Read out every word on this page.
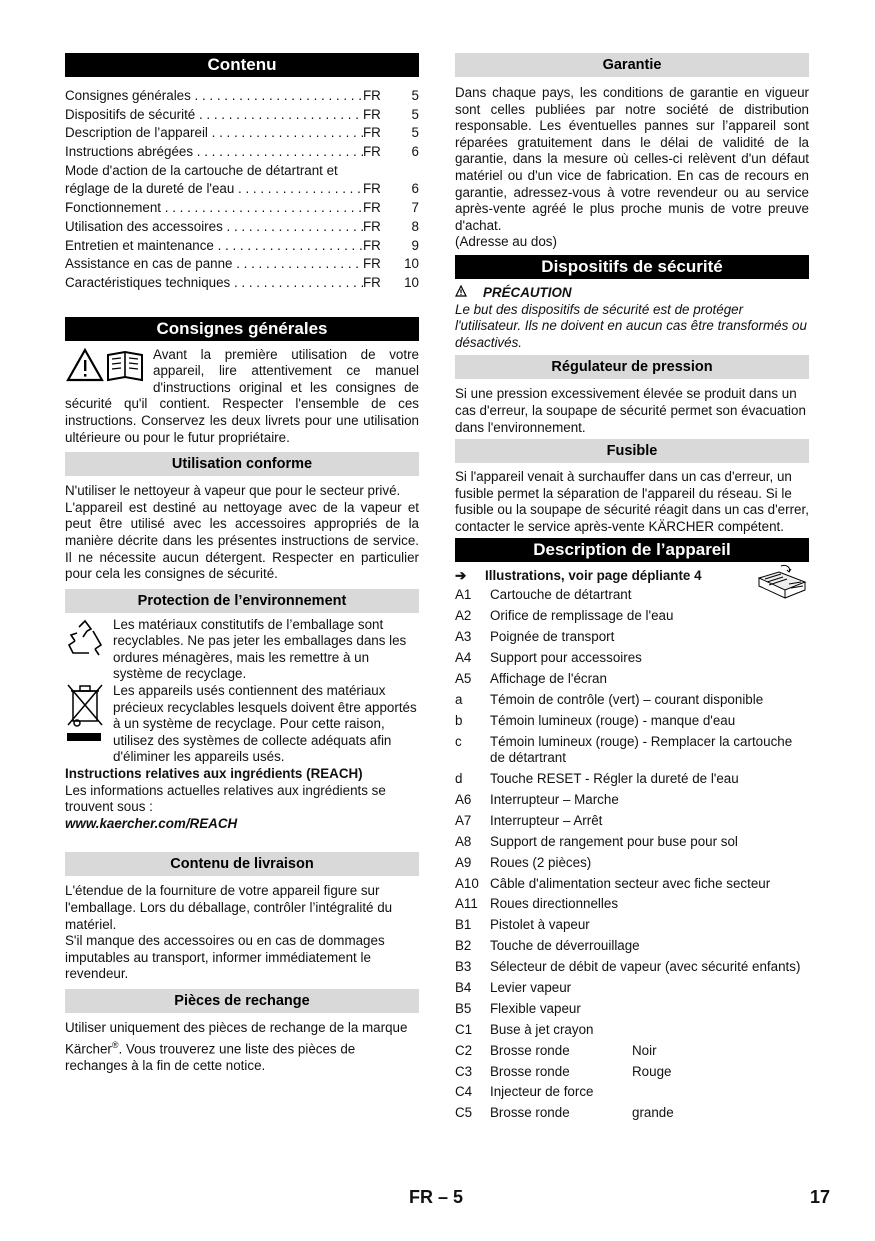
Contenu
Consignes générales . . .	FR	5
Dispositifs de sécurité . . .	FR	5
Description de l’appareil . . .	FR	5
Instructions abrégées . . .	FR	6
Mode d'action de la cartouche de détartrant et
réglage de la dureté de l'eau . . .	FR	6
Fonctionnement . . .	FR	7
Utilisation des accessoires . . .	FR	8
Entretien et maintenance . . .	FR	9
Assistance en cas de panne . . .	FR	10
Caractéristiques techniques . . .	FR	10
Consignes générales

Avant la première utilisation de votre appareil, lire attentivement ce manuel d'instructions original et les consignes de sécurité qu'il contient. Respecter l'ensemble de ces instructions. Conservez les deux livrets pour une utilisation ultérieure ou pour le futur propriétaire.

Utilisation conforme

N'utiliser le nettoyeur à vapeur que pour le secteur privé.

L'appareil est destiné au nettoyage avec de la vapeur et peut être utilisé avec les accessoires appropriés de la manière décrite dans les présentes instructions de service. Il ne nécessite aucun détergent. Respecter en particulier pour cela les consignes de sécurité.

Protection de l’environnement

Les matériaux constitutifs de l’emballage sont recyclables. Ne pas jeter les emballages dans les ordures ménagères, mais les remettre à un système de recyclage.

Les appareils usés contiennent des matériaux précieux recyclables lesquels doivent être apportés à un système de recyclage. Pour cette raison, utilisez des systèmes de collecte adéquats afin d'éliminer les appareils usés.

Instructions relatives aux ingrédients (REACH)

Les informations actuelles relatives aux ingrédients se trouvent sous :

www.kaercher.com/REACH

Contenu de livraison

L'étendue de la fourniture de votre appareil figure sur l'emballage. Lors du déballage, contrôler l’intégralité du matériel.

S'il manque des accessoires ou en cas de dommages imputables au transport, informer immédiatement le revendeur.

Pièces de rechange

Utiliser uniquement des pièces de rechange de la marque Kärcher®. Vous trouverez une liste des pièces de rechanges à la fin de cette notice.

Garantie

Dans chaque pays, les conditions de garantie en vigueur sont celles publiées par notre société de distribution responsable. Les éventuelles pannes sur l’appareil sont réparées gratuitement dans le délai de validité de la garantie, dans la mesure où celles-ci relèvent d'un défaut matériel ou d'un vice de fabrication. En cas de recours en garantie, adressez-vous à votre revendeur ou au service après-vente agréé le plus proche munis de votre preuve d'achat.

(Adresse au dos)

Dispositifs de sécurité
PRÉCAUTION

Le but des dispositifs de sécurité est de protéger l'utilisateur. Ils ne doivent en aucun cas être transformés ou désactivés.

Régulateur de pression

Si une pression excessivement élevée se produit dans un cas d'erreur, la soupape de sécurité permet son évacuation dans l'environnement.

Fusible

Si l'appareil venait à surchauffer dans un cas d'erreur, un fusible permet la séparation de l'appareil du réseau. Si le fusible ou la soupape de sécurité réagit dans un cas d'errer, contacter le service après-vente KÄRCHER compétent.

Description de l’appareil
➔	Illustrations, voir page dépliante 4
A1	Cartouche de détartrant
A2	Orifice de remplissage de l'eau
A3	Poignée de transport
A4	Support pour accessoires
A5	Affichage de l'écran
a	Témoin de contrôle (vert) – courant disponible
b	Témoin lumineux (rouge) - manque d'eau
c	Témoin lumineux (rouge) - Remplacer la cartouche de détartrant
d	Touche RESET - Régler la dureté de l'eau
A6	Interrupteur – Marche
A7	Interrupteur – Arrêt
A8	Support de rangement pour buse pour sol
A9	Roues (2 pièces)
A10 Câble d'alimentation secteur avec fiche secteur
A11 Roues directionnelles
B1	Pistolet à vapeur
B2	Touche de déverrouillage
B3	Sélecteur de débit de vapeur (avec sécurité enfants)
B4	Levier vapeur
B5	Flexible vapeur
C1	Buse à jet crayon
C2	Brosse ronde	Noir
C3	Brosse ronde	Rouge
C4	Injecteur de force
C5	Brosse ronde	grande
FR – 5	17
